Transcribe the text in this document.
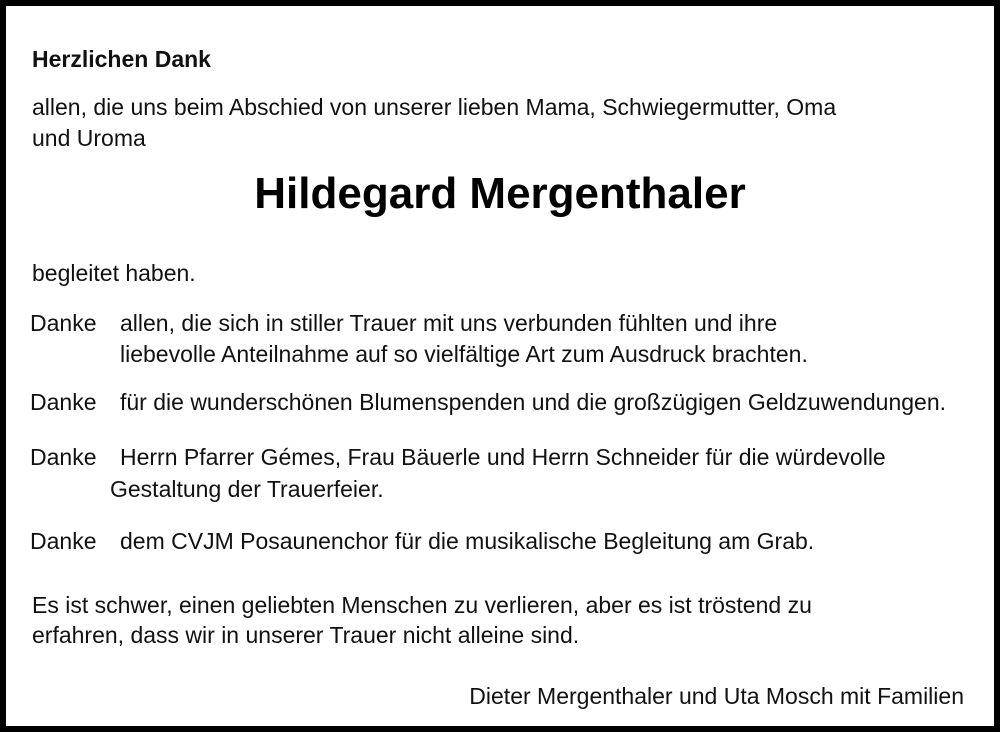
Herzlichen Dank

allen, die uns beim Abschied von unserer lieben Mama, Schwiegermutter, Oma

und Uroma

Hildegard Mergenthaler

begleitet haben.

Danke allen, die sich in stiller Trauer mit uns verbunden fühlten und ihre
liebevolle Anteilnahme auf so vielfältige Art zum Ausdruck brachten.
Danke für die wunderschönen Blumenspenden und die großzügigen Geldzuwendungen.
Danke Herrn Pfarrer Gémes, Frau Bäuerle und Herrn Schneider für die würdevolle
Gestaltung der Trauerfeier.
Danke dem CVJM Posaunenchor für die musikalische Begleitung am Grab.

Es ist schwer, einen geliebten Menschen zu verlieren, aber es ist tröstend zu

erfahren, dass wir in unserer Trauer nicht alleine sind.

Dieter Mergenthaler und Uta Mosch mit Familien
